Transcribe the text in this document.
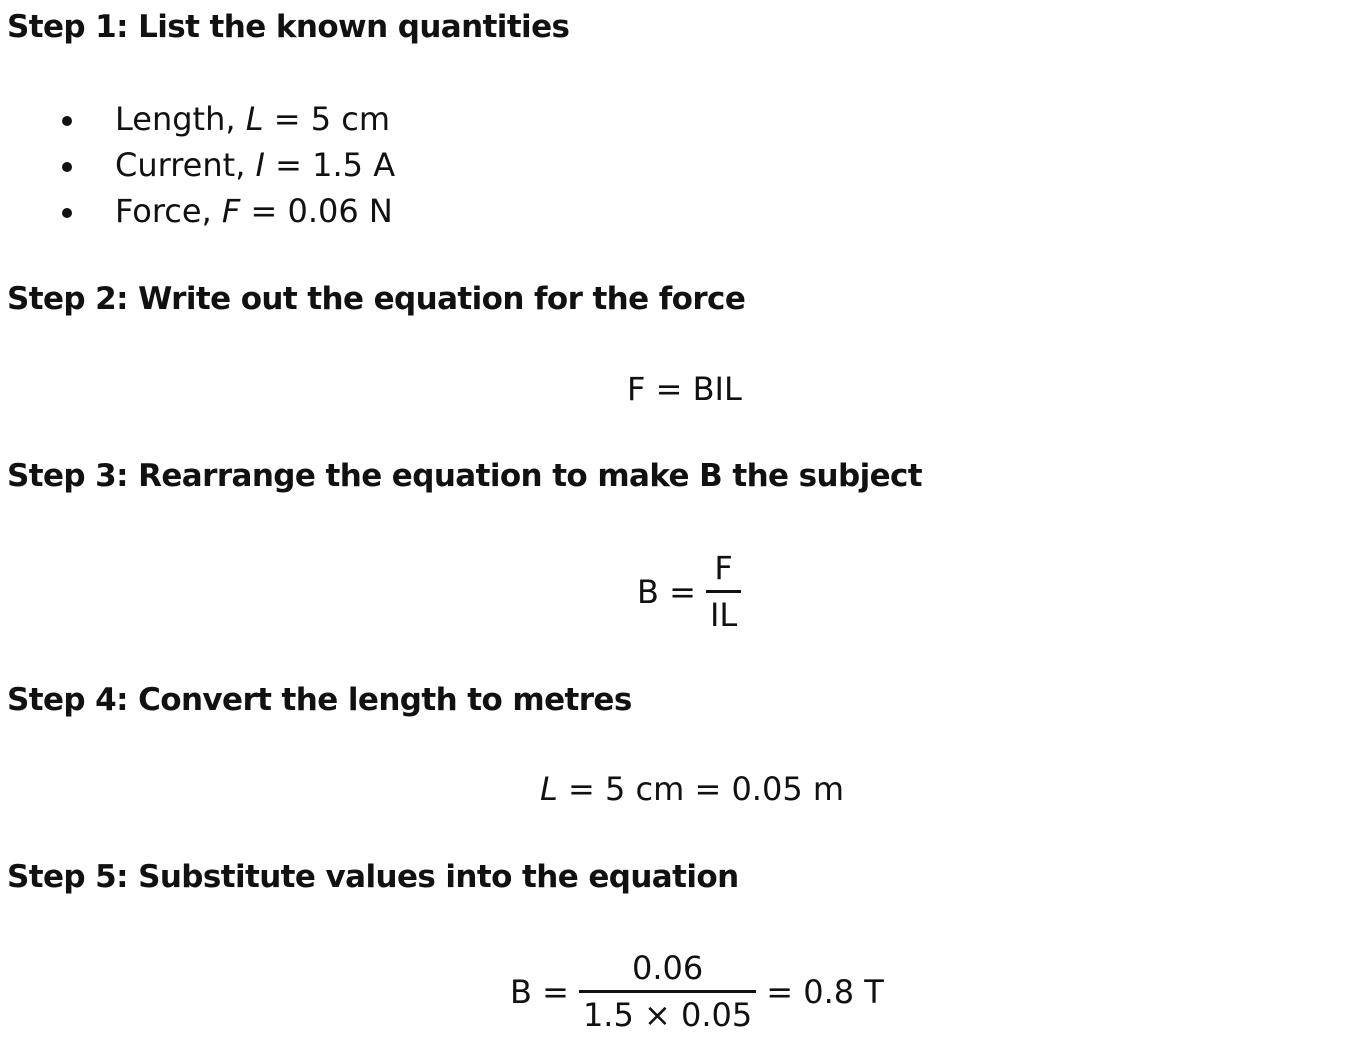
Step 1: List the known quantities
Length, L = 5 cm
Current, I = 1.5 A
Force, F = 0.06 N
Step 2: Write out the equation for the force
F = BIL
Step 3: Rearrange the equation to make B the subject
$B = \frac{F}{IL}$
Step 4: Convert the length to metres
L = 5 cm = 0.05 m
Step 5: Substitute values into the equation
$B = \frac{0.06}{1.5 \times 0.05} = 0.8$ T
